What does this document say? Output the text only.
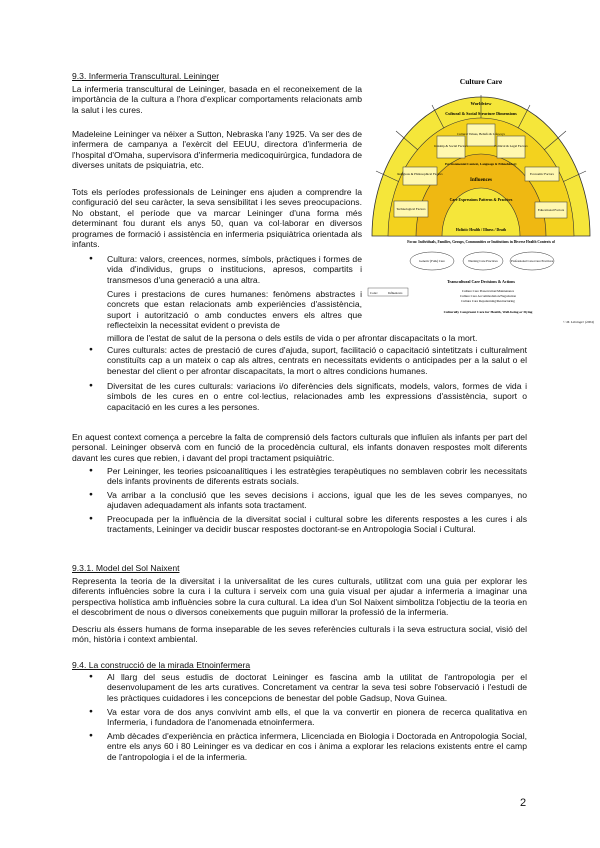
9.3. Infermeria Transcultural. Leininger
La infermeria transcultural de Leininger, basada en el reconeixement de la importància de la cultura a l'hora d'explicar comportaments relacionats amb la salut i les cures.
Madeleine Leininger va néixer a Sutton, Nebraska l'any 1925. Va ser des de infermera de campanya a l'exèrcit del EEUU, directora d'infermeria de l'hospital d'Omaha, supervisora d'infermeria medicoquirúrgica, fundadora de diverses unitats de psiquiatria, etc.
Tots els períodes professionals de Leininger ens ajuden a comprendre la configuració del seu caràcter, la seva sensibilitat i les seves preocupacions. No obstant, el període que va marcar Leininger d'una forma més determinant fou durant els anys 50, quan va col·laborar en diversos programes de formació i assistència en infermeria psiquiàtrica orientada als infants.
● Cultura: valors, creences, normes, símbols, pràctiques i formes de vida d'individus, grups o institucions, apresos, compartits i transmesos d'una generació a una altra.
● Cures i prestacions de cures humanes: fenòmens abstractes i concrets que estan relacionats amb experiències d'assistència, suport i autorització o amb conductes envers els altres que reflecteixin la necessitat evident o prevista de
millora de l'estat de salut de la persona o dels estils de vida o per afrontar discapacitats o la mort.
● Cures culturals: actes de prestació de cures d'ajuda, suport, facilitació o capacitació sintetitzats i culturalment constituïts cap a un mateix o cap als altres, centrats en necessitats evidents o anticipades per a la salut o el benestar del client o per afrontar discapacitats, la mort o altres condicions humanes.
● Diversitat de les cures culturals: variacions i/o diferències dels significats, models, valors, formes de vida i símbols de les cures en o entre col·lectius, relacionades amb les expressions d'assistència, suport o capacitació en les cures a les persones.
En aquest context comença a percebre la falta de comprensió dels factors culturals que influïen als infants per part del personal. Leininger observà com en funció de la procedència cultural, els infants donaven respostes molt diferents davant les cures que rebien, i davant del propi tractament psiquiàtric.
● Per Leininger, les teories psicoanalítiques i les estratègies terapèutiques no semblaven cobrir les necessitats dels infants provinents de diferents estrats socials.
● Va arribar a la conclusió que les seves decisions i accions, igual que les de les seves companyes, no ajudaven adequadament als infants sota tractament.
● Preocupada per la influència de la diversitat social i cultural sobre les diferents respostes a les cures i als tractaments, Leininger va decidir buscar respostes doctorant-se en Antropologia Social i Cultural.
9.3.1. Model del Sol Naixent
Representa la teoria de la diversitat i la universalitat de les cures culturals, utilitzat com una guia per explorar les diferents influències sobre la cura i la cultura i serveix com una guia visual per ajudar a infermeria a imaginar una perspectiva holística amb influències sobre la cura cultural. La idea d'un Sol Naixent simbolitza l'objectiu de la teoria en el descobriment de nous o diversos coneixements que puguin millorar la professió de la infermeria.
Descriu als éssers humans de forma inseparable de les seves referències culturals i la seva estructura social, visió del món, història i context ambiental.
9.4. La construcció de la mirada Etnoinfermera
● Al llarg del seus estudis de doctorat Leininger es fascina amb la utilitat de l'antropologia per el desenvolupament de les arts curatives. Concretament va centrar la seva tesi sobre l'observació i l'estudi de les pràctiques cuidadores i les concepcions de benestar del poble Gadsup, Nova Guinea.
● Va estar vora de dos anys convivint amb ells, el que la va convertir en pionera de recerca qualitativa en Infermeria, i fundadora de l'anomenada etnoinfermera.
● Amb dècades d'experiència en pràctica infermera, Llicenciada en Biologia i Doctorada en Antropologia Social, entre els anys 60 i 80 Leininger es va dedicar en cos i ànima a explorar les relacions existents entre el camp de l'antropologia i el de la infermeria.
2
Culture Care
Worldview
Cultural & Social Structure Dimensions
Religious & Philosophical Factors
Kinship & Social Factors
Cultural Values, Beliefs & Lifeways
Political & Legal Factors
Economic Factors
Educational Factors
Technological Factors
Environmental Context, Language & Ethnohistory
Influences
Care Expressions Patterns & Practices
Holistic Health / Illness / Death
Focus: Individuals, Families, Groups, Communities or Institutions in Diverse Health Contexts of
Generic (Folk) Care	Nursing Care Practices	Professional Care-Cure Practices
Transcultural Care Decisions & Actions
Culture Care Preservation/Maintenance
Culture Care Accommodation/Negotiation
Culture Care Repatterning/Restructuring
Culturally Congruent Care for Health, Well-being or Dying
Code:	Influencers
© M. Leininger (2004)
